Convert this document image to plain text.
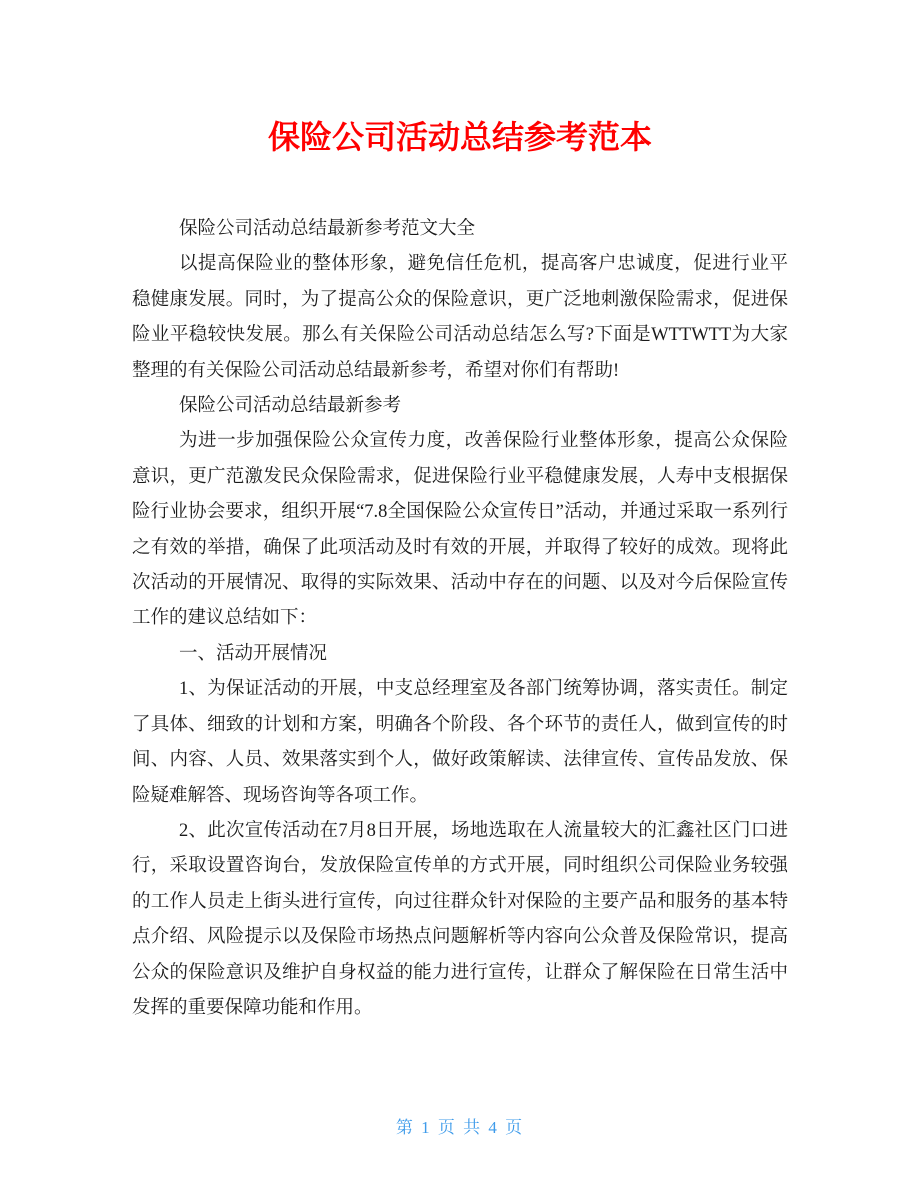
保险公司活动总结参考范本

保险公司活动总结最新参考范文大全

以提高保险业的整体形象，避免信任危机，提高客户忠诚度，促进行业平稳健康发展。同时，为了提高公众的保险意识，更广泛地刺激保险需求，促进保险业平稳较快发展。那么有关保险公司活动总结怎么写?下面是WTTWTT为大家整理的有关保险公司活动总结最新参考，希望对你们有帮助!

保险公司活动总结最新参考

为进一步加强保险公众宣传力度，改善保险行业整体形象，提高公众保险意识，更广范激发民众保险需求，促进保险行业平稳健康发展，人寿中支根据保险行业协会要求，组织开展“7.8全国保险公众宣传日”活动，并通过采取一系列行之有效的举措，确保了此项活动及时有效的开展，并取得了较好的成效。现将此次活动的开展情况、取得的实际效果、活动中存在的问题、以及对今后保险宣传工作的建议总结如下：

一、活动开展情况

1、为保证活动的开展，中支总经理室及各部门统筹协调，落实责任。制定了具体、细致的计划和方案，明确各个阶段、各个环节的责任人，做到宣传的时间、内容、人员、效果落实到个人，做好政策解读、法律宣传、宣传品发放、保险疑难解答、现场咨询等各项工作。

2、此次宣传活动在7月8日开展，场地选取在人流量较大的汇鑫社区门口进行，采取设置咨询台，发放保险宣传单的方式开展，同时组织公司保险业务较强的工作人员走上街头进行宣传，向过往群众针对保险的主要产品和服务的基本特点介绍、风险提示以及保险市场热点问题解析等内容向公众普及保险常识，提高公众的保险意识及维护自身权益的能力进行宣传，让群众了解保险在日常生活中发挥的重要保障功能和作用。

第 1 页 共 4 页
